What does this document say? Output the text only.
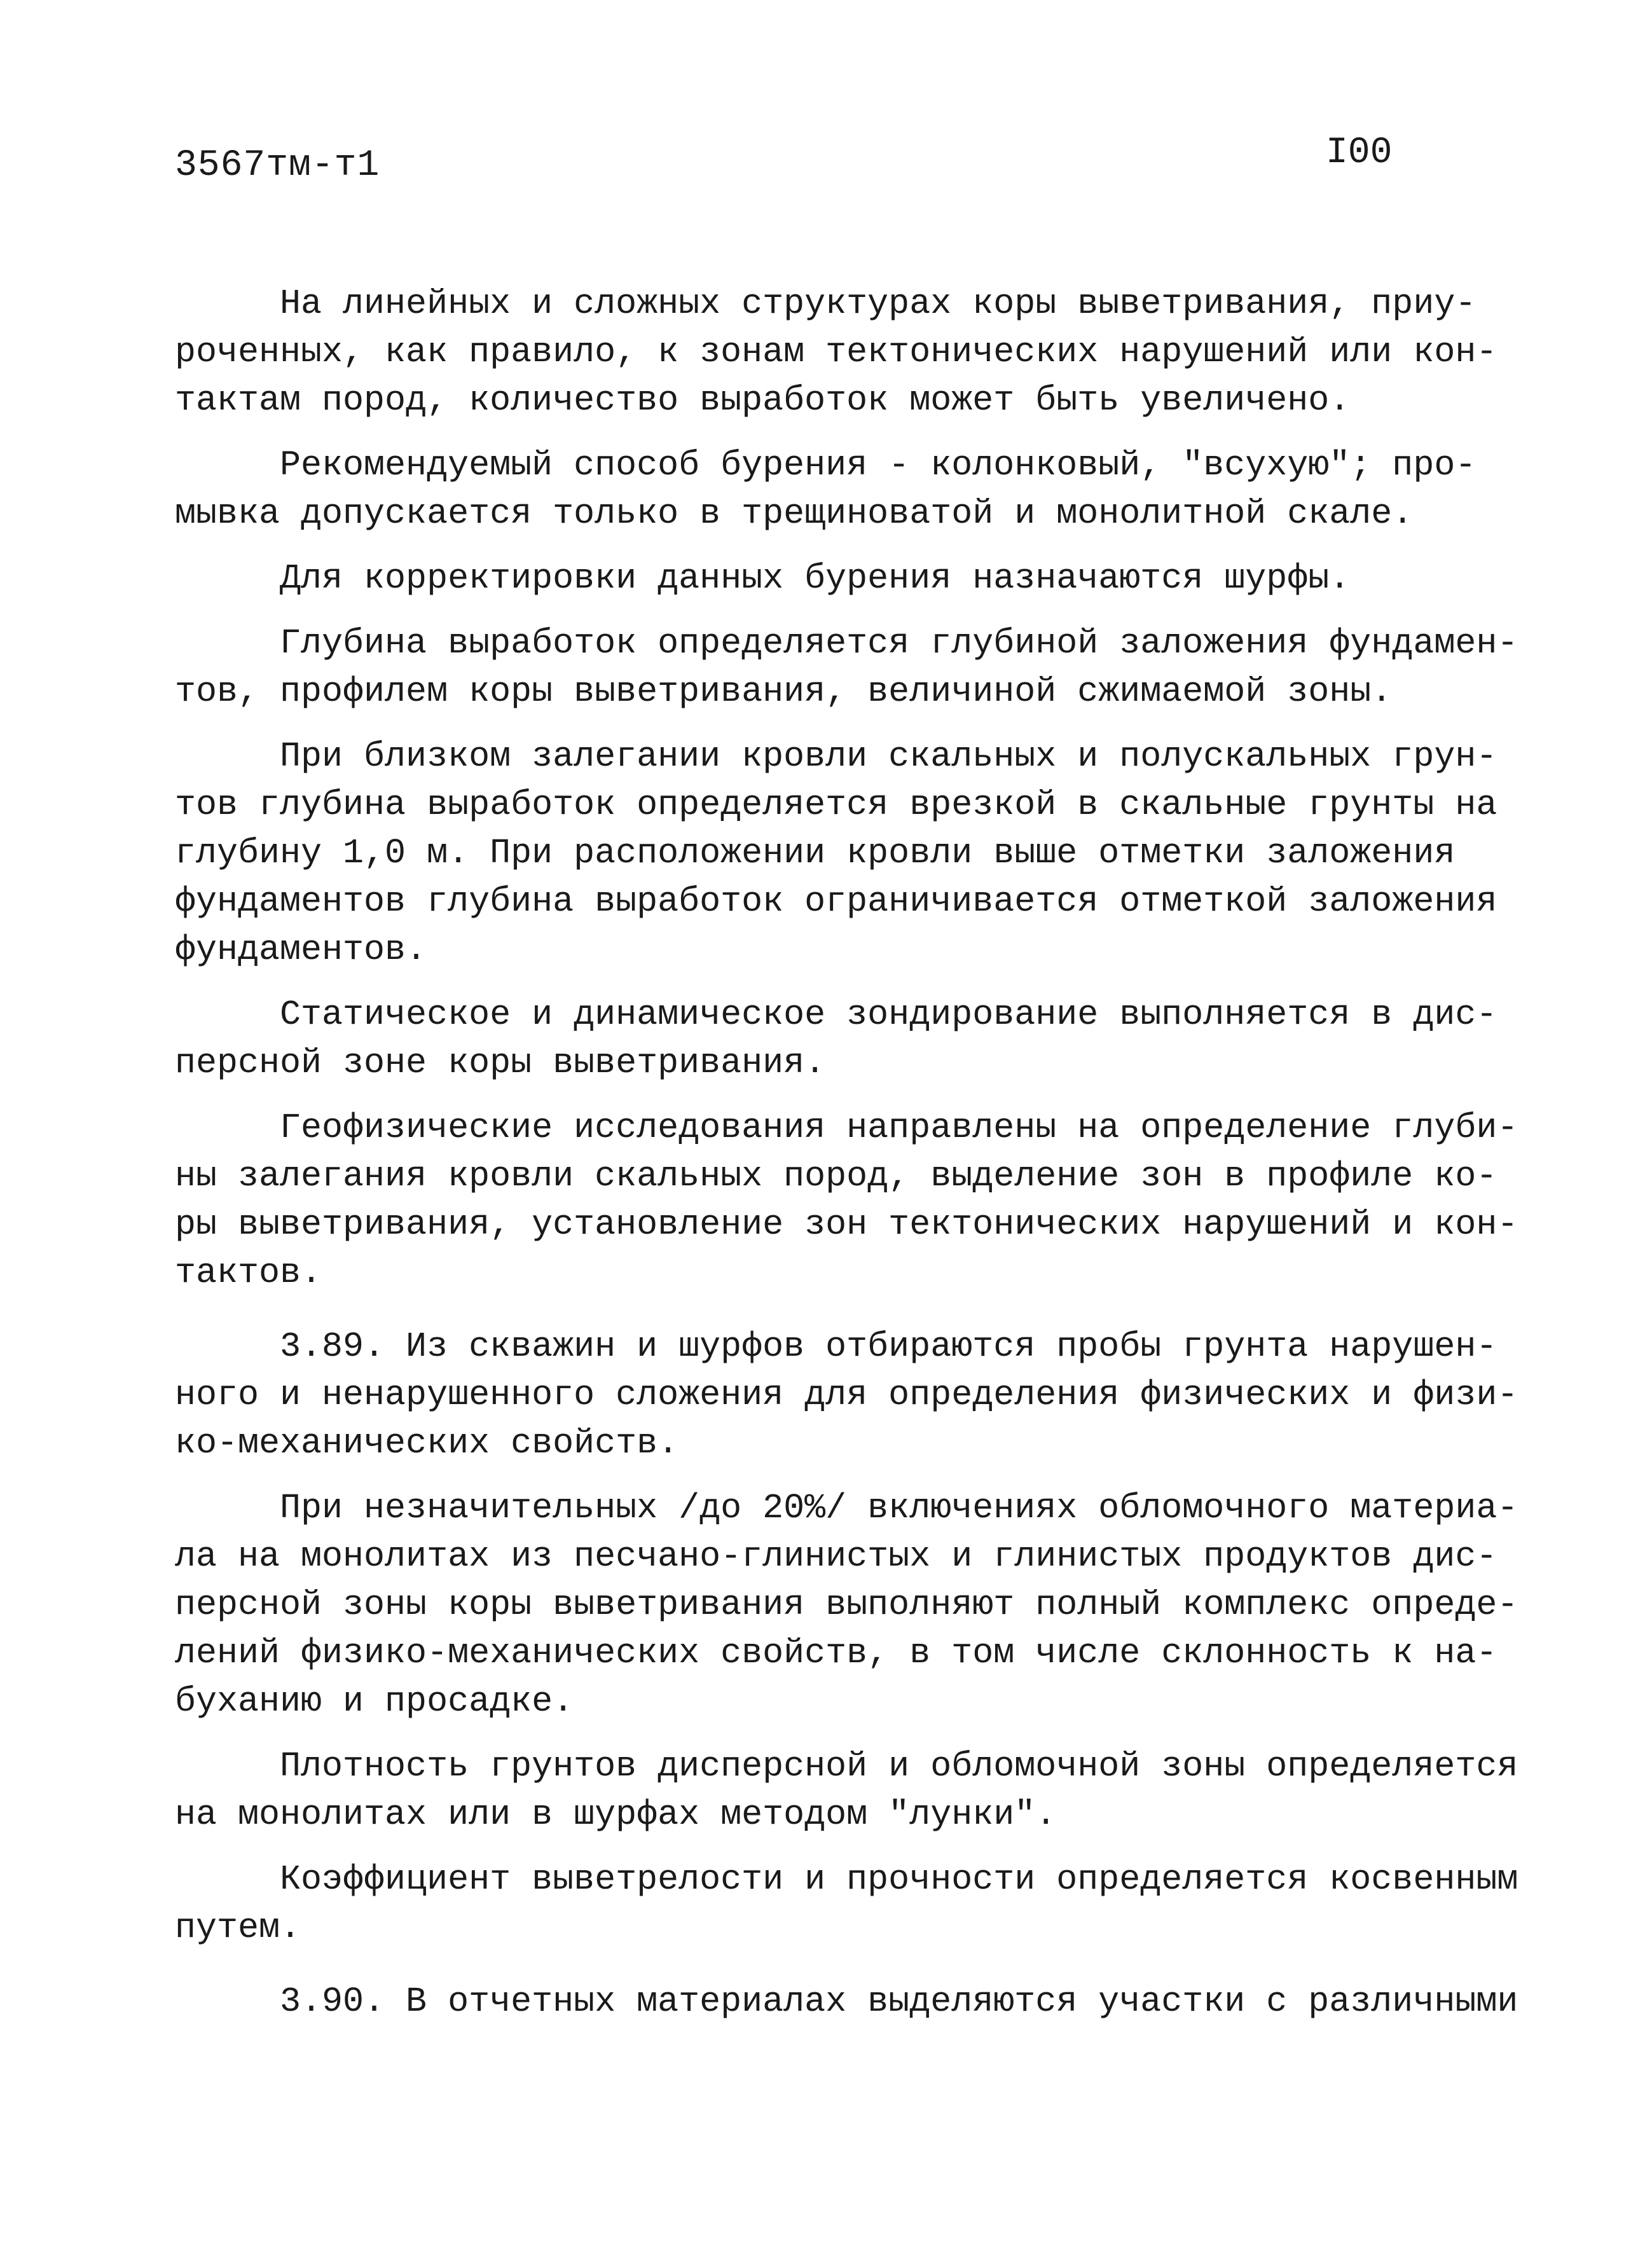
3567тм-т1	I00

На линейных и сложных структурах коры выветривания, приу-
роченных, как правило, к зонам тектонических нарушений или кон-
тактам пород, количество выработок может быть увеличено.

Рекомендуемый способ бурения - колонковый, "всухую"; про-
мывка допускается только в трещиноватой и монолитной скале.

Для корректировки данных бурения назначаются шурфы.

Глубина выработок определяется глубиной заложения фундамен-
тов, профилем коры выветривания, величиной сжимаемой зоны.

При близком залегании кровли скальных и полускальных грун-
тов глубина выработок определяется врезкой в скальные грунты на
глубину 1,0 м. При расположении кровли выше отметки заложения
фундаментов глубина выработок ограничивается отметкой заложения
фундаментов.

Статическое и динамическое зондирование выполняется в дис-
персной зоне коры выветривания.

Геофизические исследования направлены на определение глуби-
ны залегания кровли скальных пород, выделение зон в профиле ко-
ры выветривания, установление зон тектонических нарушений и кон-
тактов.

3.89. Из скважин и шурфов отбираются пробы грунта нарушен-
ного и ненарушенного сложения для определения физических и физи-
ко-механических свойств.

При незначительных /до 20%/ включениях обломочного материа-
ла на монолитах из песчано-глинистых и глинистых продуктов дис-
персной зоны коры выветривания выполняют полный комплекс опреде-
лений физико-механических свойств, в том числе склонность к на-
буханию и просадке.

Плотность грунтов дисперсной и обломочной зоны определяется
на монолитах или в шурфах методом "лунки".

Коэффициент выветрелости и прочности определяется косвенным
путем.

3.90. В отчетных материалах выделяются участки с различными
